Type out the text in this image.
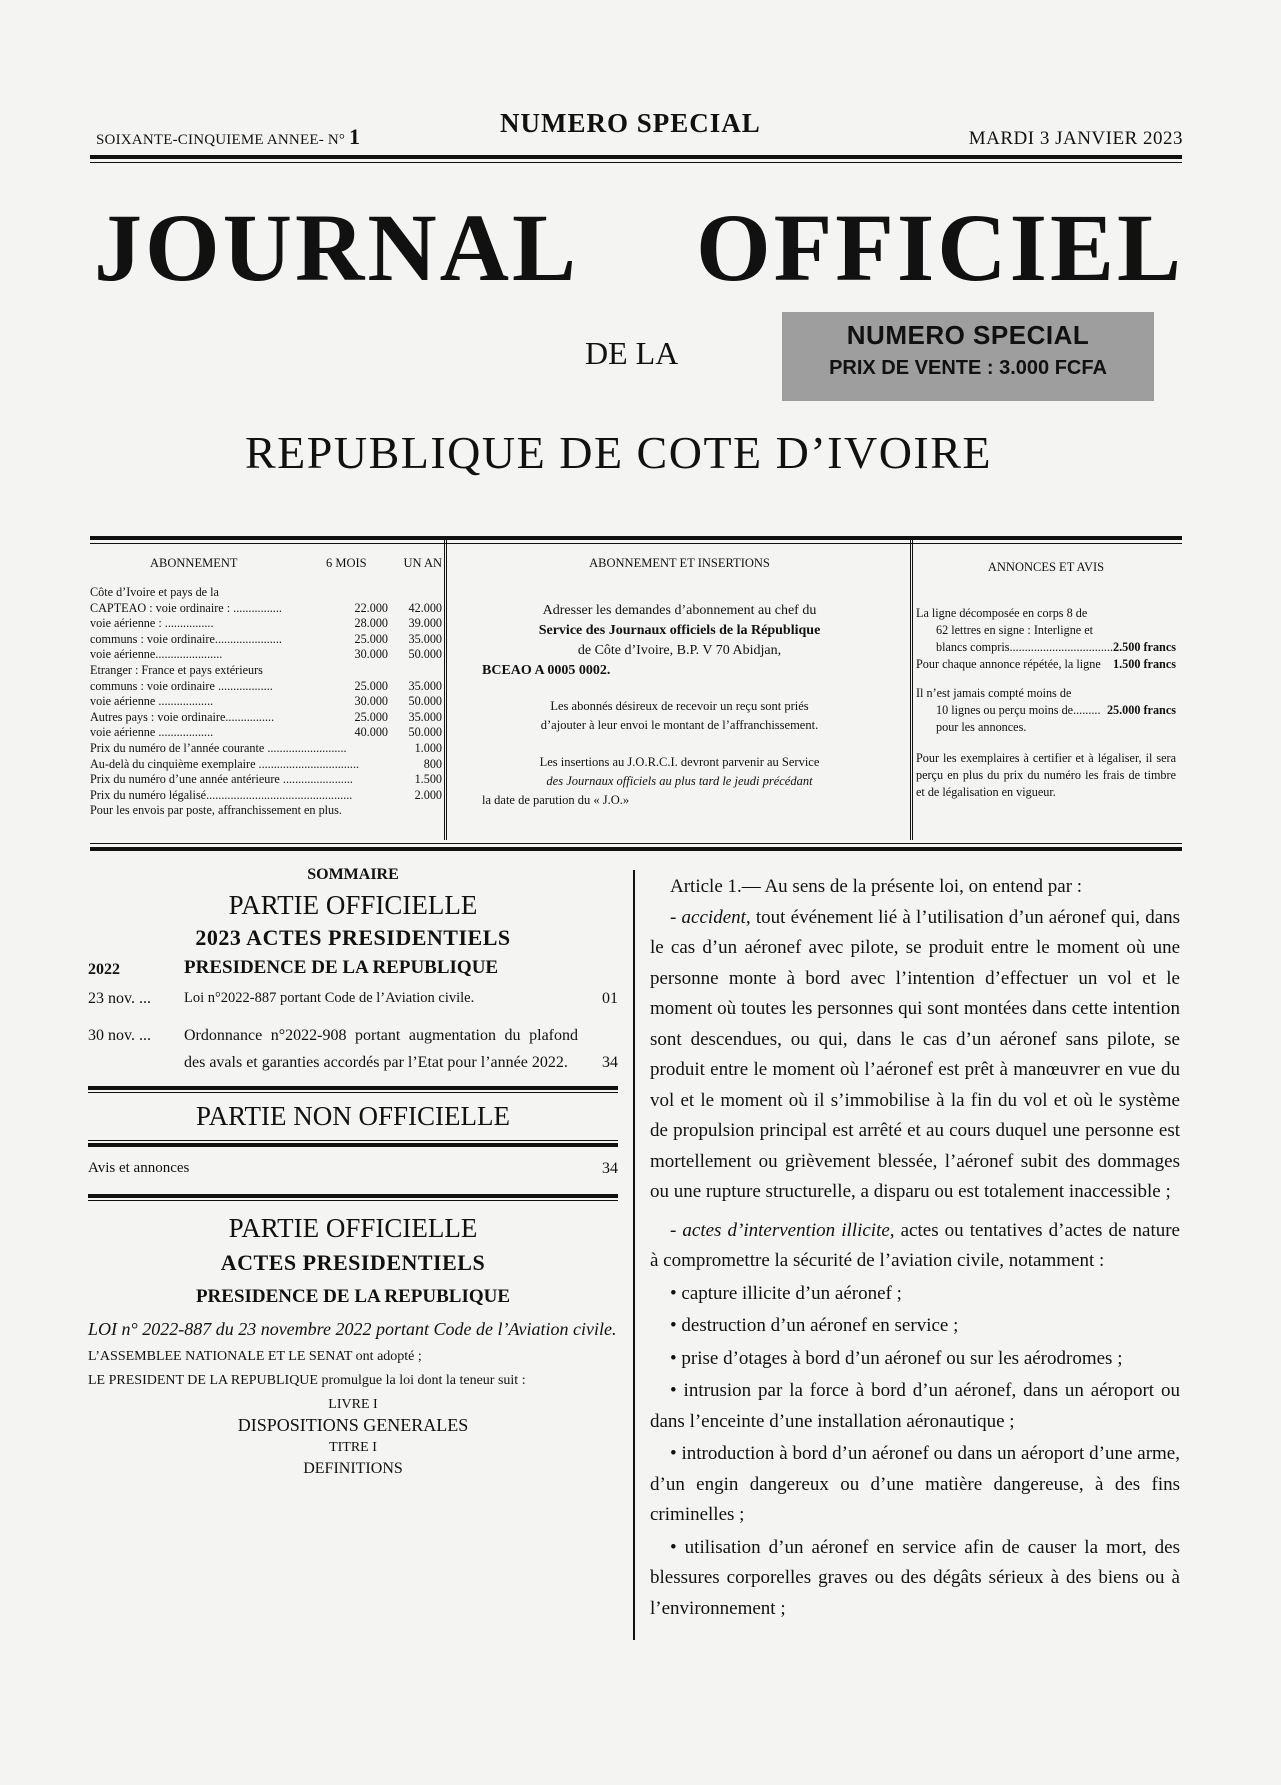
SOIXANTE-CINQUIEME ANNEE- N° 1	NUMERO SPECIAL
MARDI 3 JANVIER 2023
JOURNAL OFFICIEL
DE LA	NUMERO SPECIAL
PRIX DE VENTE : 3.000 FCFA
REPUBLIQUE DE COTE D’IVOIRE
ABONNEMENT	6 MOIS	UN AN
Côte d’Ivoire et pays de la
CAPTEAO : voie ordinaire : ................	22.000	42.000
voie aérienne : ................	28.000	39.000
communs : voie ordinaire......................	25.000	35.000
voie aérienne......................	30.000	50.000
Etranger : France et pays extérieurs
communs : voie ordinaire ..................	25.000	35.000
voie aérienne ..................	30.000	50.000
Autres pays : voie ordinaire................	25.000	35.000
voie aérienne ..................	40.000	50.000
Prix du numéro de l’année courante ..........................	1.000
Au-delà du cinquième exemplaire .................................	800
Prix du numéro d’une année antérieure .......................	1.500
Prix du numéro légalisé................................................	2.000
Pour les envois par poste, affranchissement en plus.

ABONNEMENT ET INSERTIONS

Adresser les demandes d’abonnement au chef du

Service des Journaux officiels de la République

de Côte d’Ivoire, B.P. V 70 Abidjan,

BCEAO A 0005 0002.

Les abonnés désireux de recevoir un reçu sont priés

d’ajouter à leur envoi le montant de l’affranchissement.

Les insertions au J.O.R.C.I. devront parvenir au Service

des Journaux officiels au plus tard le jeudi précédant

la date de parution du « J.O.»

ANNONCES ET AVIS
La ligne décomposée en corps 8 de
62 lettres en signe : Interligne et
blancs compris.................................. 2.500 francs
Pour chaque annonce répétée, la ligne	1.500 francs
Il n’est jamais compté moins de
10 lignes ou perçu moins de......... 25.000 francs
pour les annonces.
Pour les exemplaires à certifier et à légaliser, il sera perçu en plus du prix du numéro les frais de timbre et de légalisation en vigueur.
SOMMAIRE
PARTIE OFFICIELLE
2023 ACTES PRESIDENTIELS
2022	PRESIDENCE DE LA REPUBLIQUE
23 nov. ...	Loi n°2022-887 portant Code de l’Aviation civile.	01
30 nov. ...	Ordonnance n°2022-908 portant augmentation du plafond des avals et garanties accordés par l’Etat pour l’année 2022.	34
PARTIE NON OFFICIELLE
Avis et annonces	34
PARTIE OFFICIELLE
ACTES PRESIDENTIELS
PRESIDENCE DE LA REPUBLIQUE
LOI n° 2022-887 du 23 novembre 2022 portant Code de l’Aviation civile.
L’ASSEMBLEE NATIONALE ET LE SENAT ont adopté ;
LE PRESIDENT DE LA REPUBLIQUE promulgue la loi dont la teneur suit :
LIVRE I
DISPOSITIONS GENERALES
TITRE I
DEFINITIONS

Article 1.— Au sens de la présente loi, on entend par :

- accident, tout événement lié à l’utilisation d’un aéronef qui, dans le cas d’un aéronef avec pilote, se produit entre le moment où une personne monte à bord avec l’intention d’effectuer un vol et le moment où toutes les personnes qui sont montées dans cette intention sont descendues, ou qui, dans le cas d’un aéronef sans pilote, se produit entre le moment où l’aéronef est prêt à manœuvrer en vue du vol et le moment où il s’immobilise à la fin du vol et où le système de propulsion principal est arrêté et au cours duquel une personne est mortellement ou grièvement blessée, l’aéronef subit des dommages ou une rupture structurelle, a disparu ou est totalement inaccessible ;

- actes d’intervention illicite, actes ou tentatives d’actes de nature à compromettre la sécurité de l’aviation civile, notamment :

• capture illicite d’un aéronef ;

• destruction d’un aéronef en service ;

• prise d’otages à bord d’un aéronef ou sur les aérodromes ;

• intrusion par la force à bord d’un aéronef, dans un aéroport ou dans l’enceinte d’une installation aéronautique ;

• introduction à bord d’un aéronef ou dans un aéroport d’une arme, d’un engin dangereux ou d’une matière dangereuse, à des fins criminelles ;

• utilisation d’un aéronef en service afin de causer la mort, des blessures corporelles graves ou des dégâts sérieux à des biens ou à l’environnement ;
